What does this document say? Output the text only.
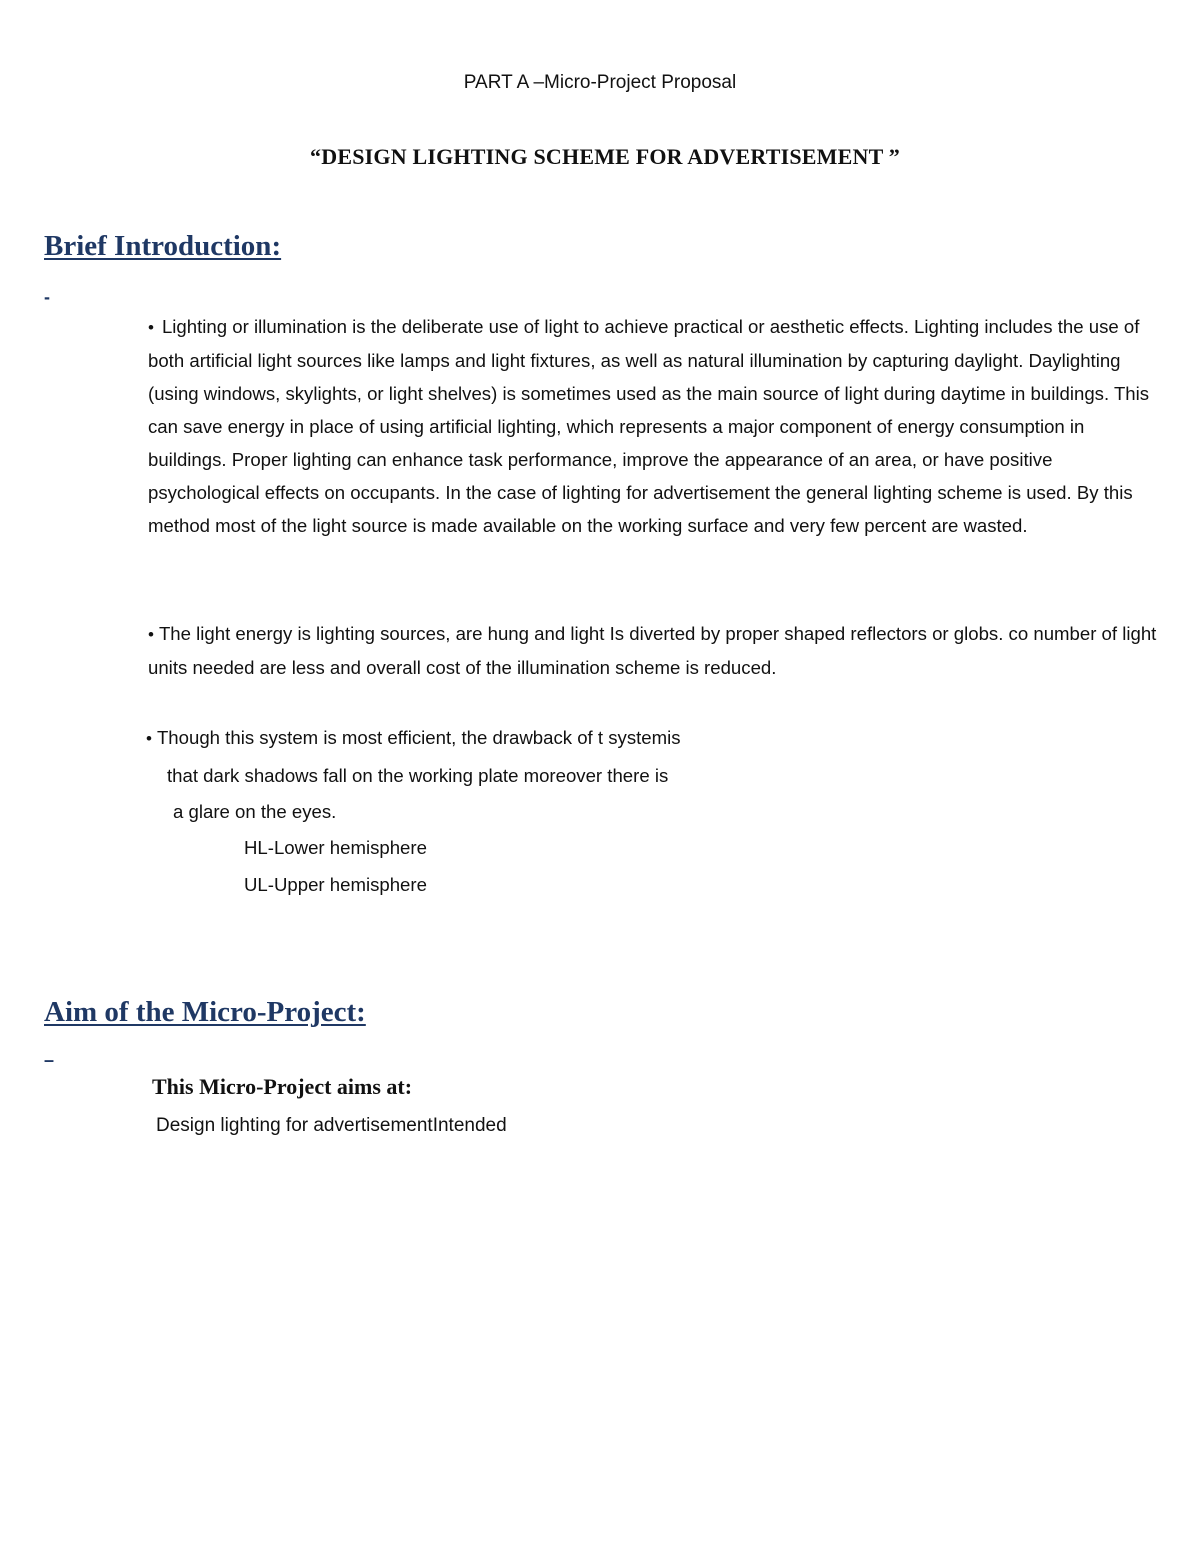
PART A –Micro-Project Proposal
“DESIGN LIGHTING SCHEME FOR ADVERTISEMENT ”
Brief Introduction:
-
• Lighting or illumination is the deliberate use of light to achieve practical or aesthetic effects. Lighting includes the use of both artificial light sources like lamps and light fixtures, as well as natural illumination by capturing daylight. Daylighting (using windows, skylights, or light shelves) is sometimes used as the main source of light during daytime in buildings. This can save energy in place of using artificial lighting, which represents a major component of energy consumption in buildings. Proper lighting can enhance task performance, improve the appearance of an area, or have positive psychological effects on occupants. In the case of lighting for advertisement the general lighting scheme is used. By this method most of the light source is made available on the working surface and very few percent are wasted.
• The light energy is lighting sources, are hung and light Is diverted by proper shaped reflectors or globs. co number of light units needed are less and overall cost of the illumination scheme is reduced.
• Though this system is most efficient, the drawback of t systemis
that dark shadows fall on the working plate moreover there is
a glare on the eyes.
HL-Lower hemisphere
UL-Upper hemisphere
Aim of the Micro-Project:
–
This Micro-Project aims at:
Design lighting for advertisementIntended
